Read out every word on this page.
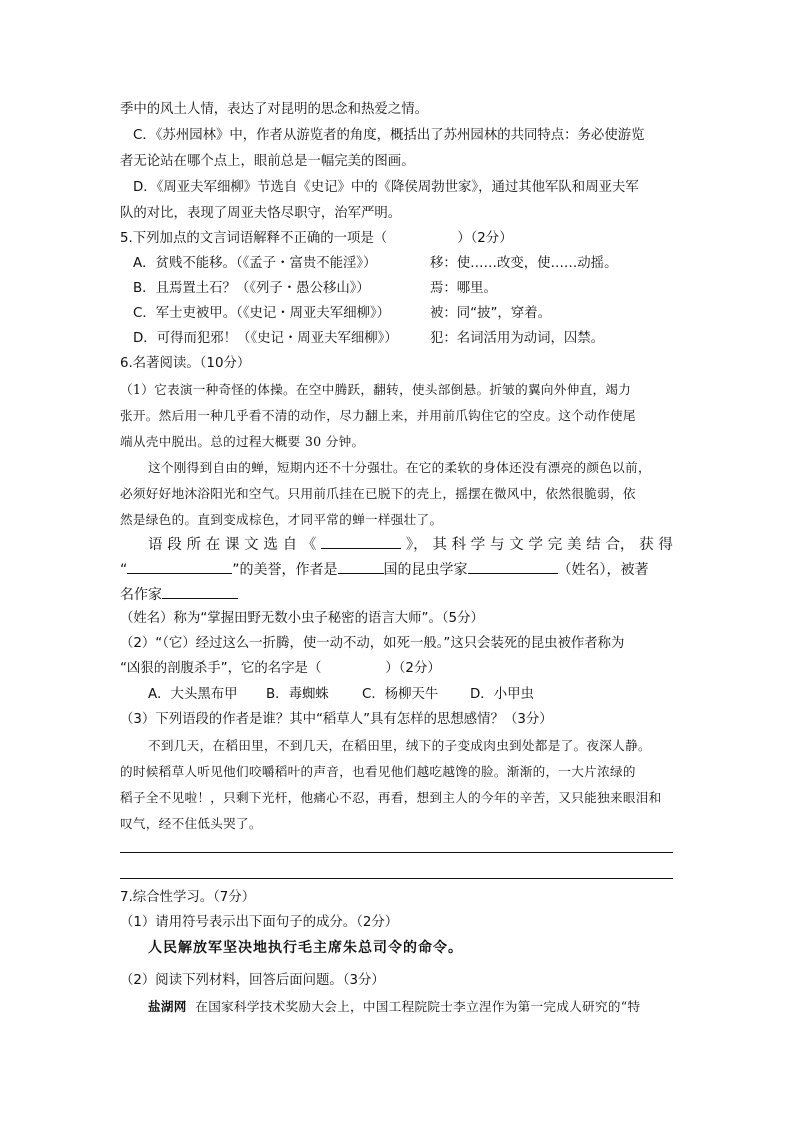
季中的风土人情，表达了对昆明的思念和热爱之情。
C．《苏州园林》中，作者从游览者的角度，概括出了苏州园林的共同特点：务必使游览
者无论站在哪个点上，眼前总是一幅完美的图画。
D．《周亚夫军细柳》节选自《史记》中的《降侯周勃世家》，通过其他军队和周亚夫军
队的对比，表现了周亚夫恪尽职守，治军严明。
5.下列加点的文言词语解释不正确的一项是（	）（2分）
A．贫贱不能移。（《孟子・富贵不能淫》）	移：使……改变，使……动摇。
B．且焉置土石？（《列子・愚公移山》）	焉：哪里。
C．军士吏被甲。（《史记・周亚夫军细柳》）	被：同“披”，穿着。
D．可得而犯邪！（《史记・周亚夫军细柳》） 犯：名词活用为动词，囚禁。
6.名著阅读。（10分）
（1）它表演一种奇怪的体操。在空中腾跃，翻转，使头部倒悬。折皱的翼向外伸直，竭力
张开。然后用一种几乎看不清的动作，尽力翻上来，并用前爪钩住它的空皮。这个动作使尾
端从壳中脱出。总的过程大概要 30 分钟。
这个刚得到自由的蝉，短期内还不十分强壮。在它的柔软的身体还没有漂亮的颜色以前，
必须好好地沐浴阳光和空气。只用前爪挂在已脱下的壳上，摇摆在微风中，依然很脆弱，依
然是绿色的。直到变成棕色，才同平常的蝉一样强壮了。
语 段 所 在 课 文 选 自 《	》， 其 科 学 与 文 学 完 美 结 合， 获 得
“	”的美誉，作者是	国的昆虫学家	（姓名），被著
名作家
（姓名）称为“掌握田野无数小虫子秘密的语言大师”。（5分）
（2）“（它）经过这么一折腾，使一动不动，如死一般。”这只会装死的昆虫被作者称为
“凶狠的剖腹杀手”，它的名字是（	）（2分）
A．大头黑布甲 B．毒蜘蛛 C．杨柳天牛 D．小甲虫
（3）下列语段的作者是谁？其中“稻草人”具有怎样的思想感情？（3分）
不到几天，在稻田里，不到几天，在稻田里，绒下的子变成肉虫到处都是了。夜深人静。
的时候稻草人听见他们咬嚼稻叶的声音，也看见他们越吃越馋的脸。渐渐的，一大片浓绿的
稻子全不见啦！，只剩下光杆，他痛心不忍，再看，想到主人的今年的辛苦，又只能独来眼泪和
叹气，经不住低头哭了。
7.综合性学习。（7分）
（1）请用符号表示出下面句子的成分。（2分）
人民解放军坚决地执行毛主席朱总司令的命令。
（2）阅读下列材料，回答后面问题。（3分）
盐湖网 在国家科学技术奖励大会上，中国工程院院士李立涅作为第一完成人研究的“特
